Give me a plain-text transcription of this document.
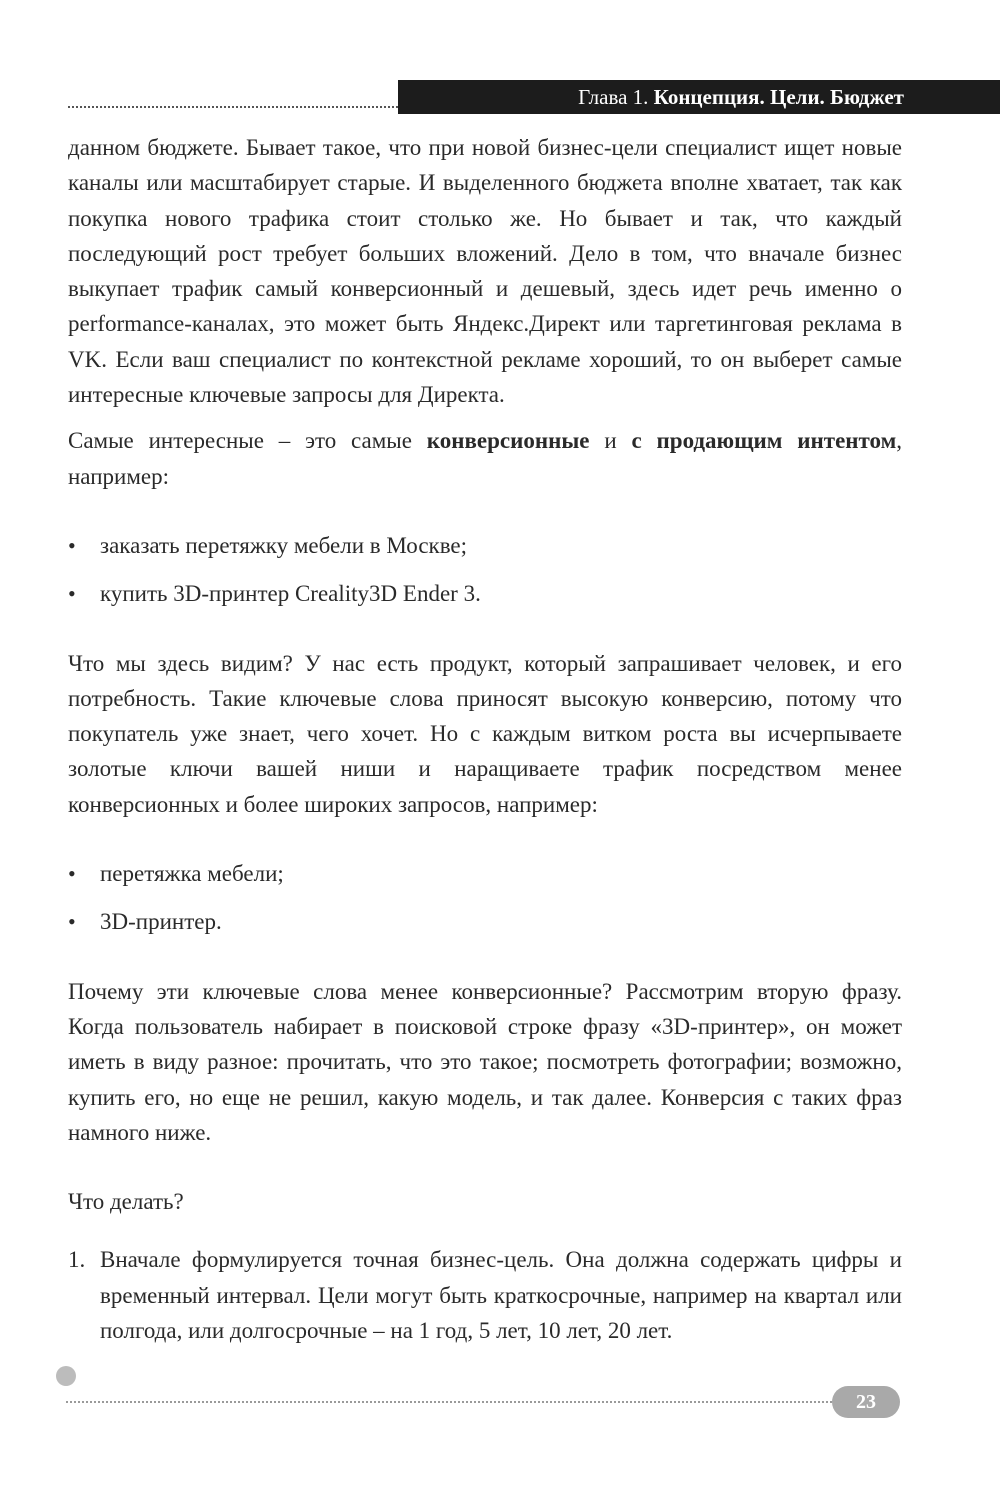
Глава 1. Концепция. Цели. Бюджет

данном бюджете. Бывает такое, что при новой бизнес-цели специалист ищет новые каналы или масштабирует старые. И выделенного бюджета вполне хватает, так как покупка нового трафика стоит столько же. Но бывает и так, что каждый последующий рост требует больших вложений. Дело в том, что вначале бизнес выкупает трафик самый конверсионный и дешевый, здесь идет речь именно о performance-каналах, это может быть Яндекс.Директ или таргетинговая реклама в VK. Если ваш специалист по контекстной рекламе хороший, то он выберет самые интересные ключевые запросы для Директа.

Самые интересные – это самые конверсионные и с продающим интентом, например:

• заказать перетяжку мебели в Москве;
• купить 3D-принтер Creality3D Ender 3.

Что мы здесь видим? У нас есть продукт, который запрашивает человек, и его потребность. Такие ключевые слова приносят высокую конверсию, потому что покупатель уже знает, чего хочет. Но с каждым витком роста вы исчерпываете золотые ключи вашей ниши и наращиваете трафик посредством менее конверсионных и более широких запросов, например:

• перетяжка мебели;
• 3D-принтер.

Почему эти ключевые слова менее конверсионные? Рассмотрим вторую фразу. Когда пользователь набирает в поисковой строке фразу «3D-принтер», он может иметь в виду разное: прочитать, что это такое; посмотреть фотографии; возможно, купить его, но еще не решил, какую модель, и так далее. Конверсия с таких фраз намного ниже.

Что делать?

1. Вначале формулируется точная бизнес-цель. Она должна содержать цифры и временный интервал. Цели могут быть краткосрочные, например на квартал или полгода, или долгосрочные – на 1 год, 5 лет, 10 лет, 20 лет.
23
